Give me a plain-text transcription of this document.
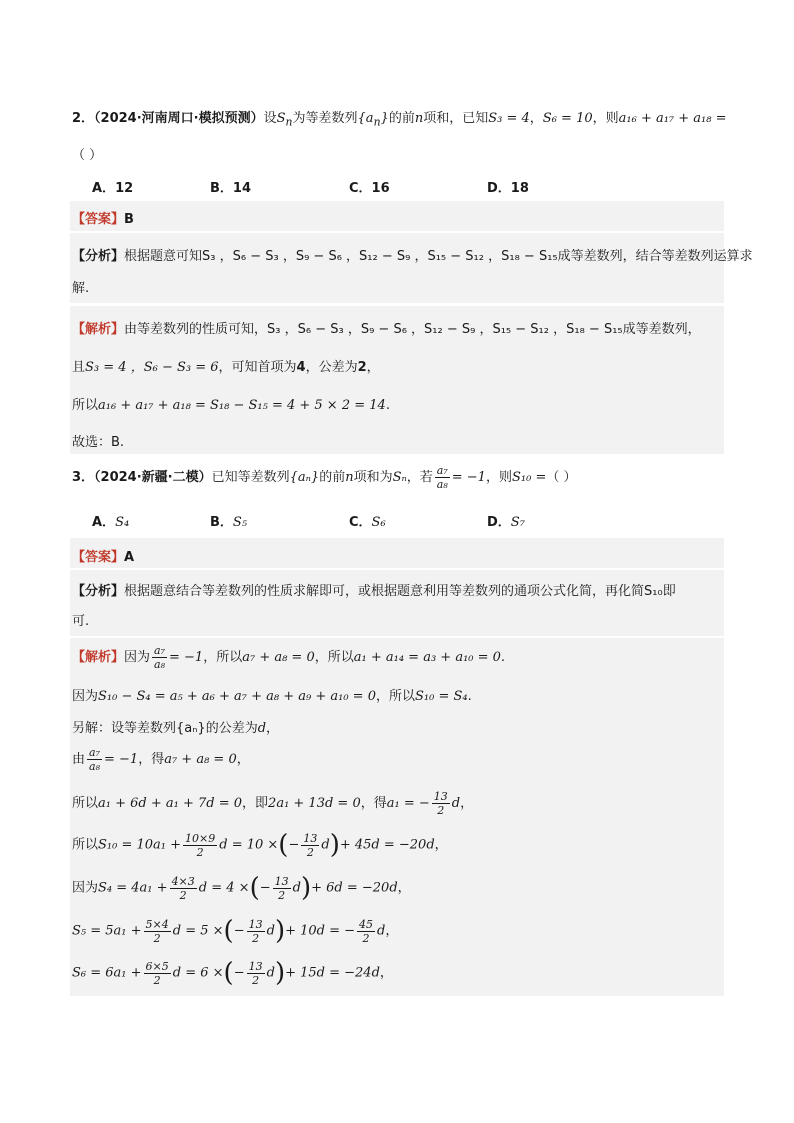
2．（2024·河南周口·模拟预测）设$S_n$为等差数列$\{a_n\}$的前n项和，已知S₃ = 4，S₆ = 10，则a₁₆ + a₁₇ + a₁₈ =
（ ）
A．12	B．14	C．16	D．18
【答案】B
【分析】根据题意可知S₃ ，S₆ − S₃ ，S₉ − S₆ ，S₁₂ − S₉ ，S₁₅ − S₁₂ ，S₁₈ − S₁₅成等差数列，结合等差数列运算求
解.
【解析】由等差数列的性质可知，S₃ ，S₆ − S₃ ，S₉ − S₆ ，S₁₂ − S₉ ，S₁₅ − S₁₂ ，S₁₈ − S₁₅成等差数列，
且S₃ = 4 ，S₆ − S₃ = 6，可知首项为4，公差为2，
所以a₁₆ + a₁₇ + a₁₈ = S₁₈ − S₁₅ = 4 + 5 × 2 = 14.
故选：B.
3．（2024·新疆·二模）已知等差数列{aₙ}的前n项和为Sₙ，若 $\frac{\text{a₇}}{\text{a₈}} = -1$，则S₁₀ =（ ）
A．S₄	B．S₅	C．S₆	D．S₇
【答案】A
【分析】根据题意结合等差数列的性质求解即可，或根据题意利用等差数列的通项公式化简，再化简S₁₀即
可.
【解析】因为 $\frac{\text{a₇}}{\text{a₈}} = -1$，所以a₇ + a₈ = 0，所以a₁ + a₁₄ = a₃ + a₁₀ = 0.
因为S₁₀ − S₄ = a₅ + a₆ + a₇ + a₈ + a₉ + a₁₀ = 0，所以S₁₀ = S₄.
另解：设等差数列{aₙ}的公差为d，
由 $\frac{\text{a₇}}{\text{a₈}} = -1$，得a₇ + a₈ = 0，
所以a₁ + 6d + a₁ + 7d = 0，即2a₁ + 13d = 0，得a₁ = − $\frac{13}{2}$ d，
所以$S_{10} = 10a_1 + \frac{10\times 9}{2}$ d = 10 ×(− $\frac{13}{2} d)+ 45d = -20d$，
因为$S_4 = 4a_1 + \frac{4\times 3}{2}$ d = 4 ×(− $\frac{13}{2} d)+ 6d = -20d$，
$S_5 = 5a_1 + \frac{5\times 4}{2}$ d = 5 ×(− $\frac{13}{2} d)+ 10d$ = − $\frac{45}{2}$ d，
$S_6 = 6a_1 + \frac{6\times 5}{2}$ d = 6 ×(− $\frac{13}{2} d)+ 15d = -24d$，
